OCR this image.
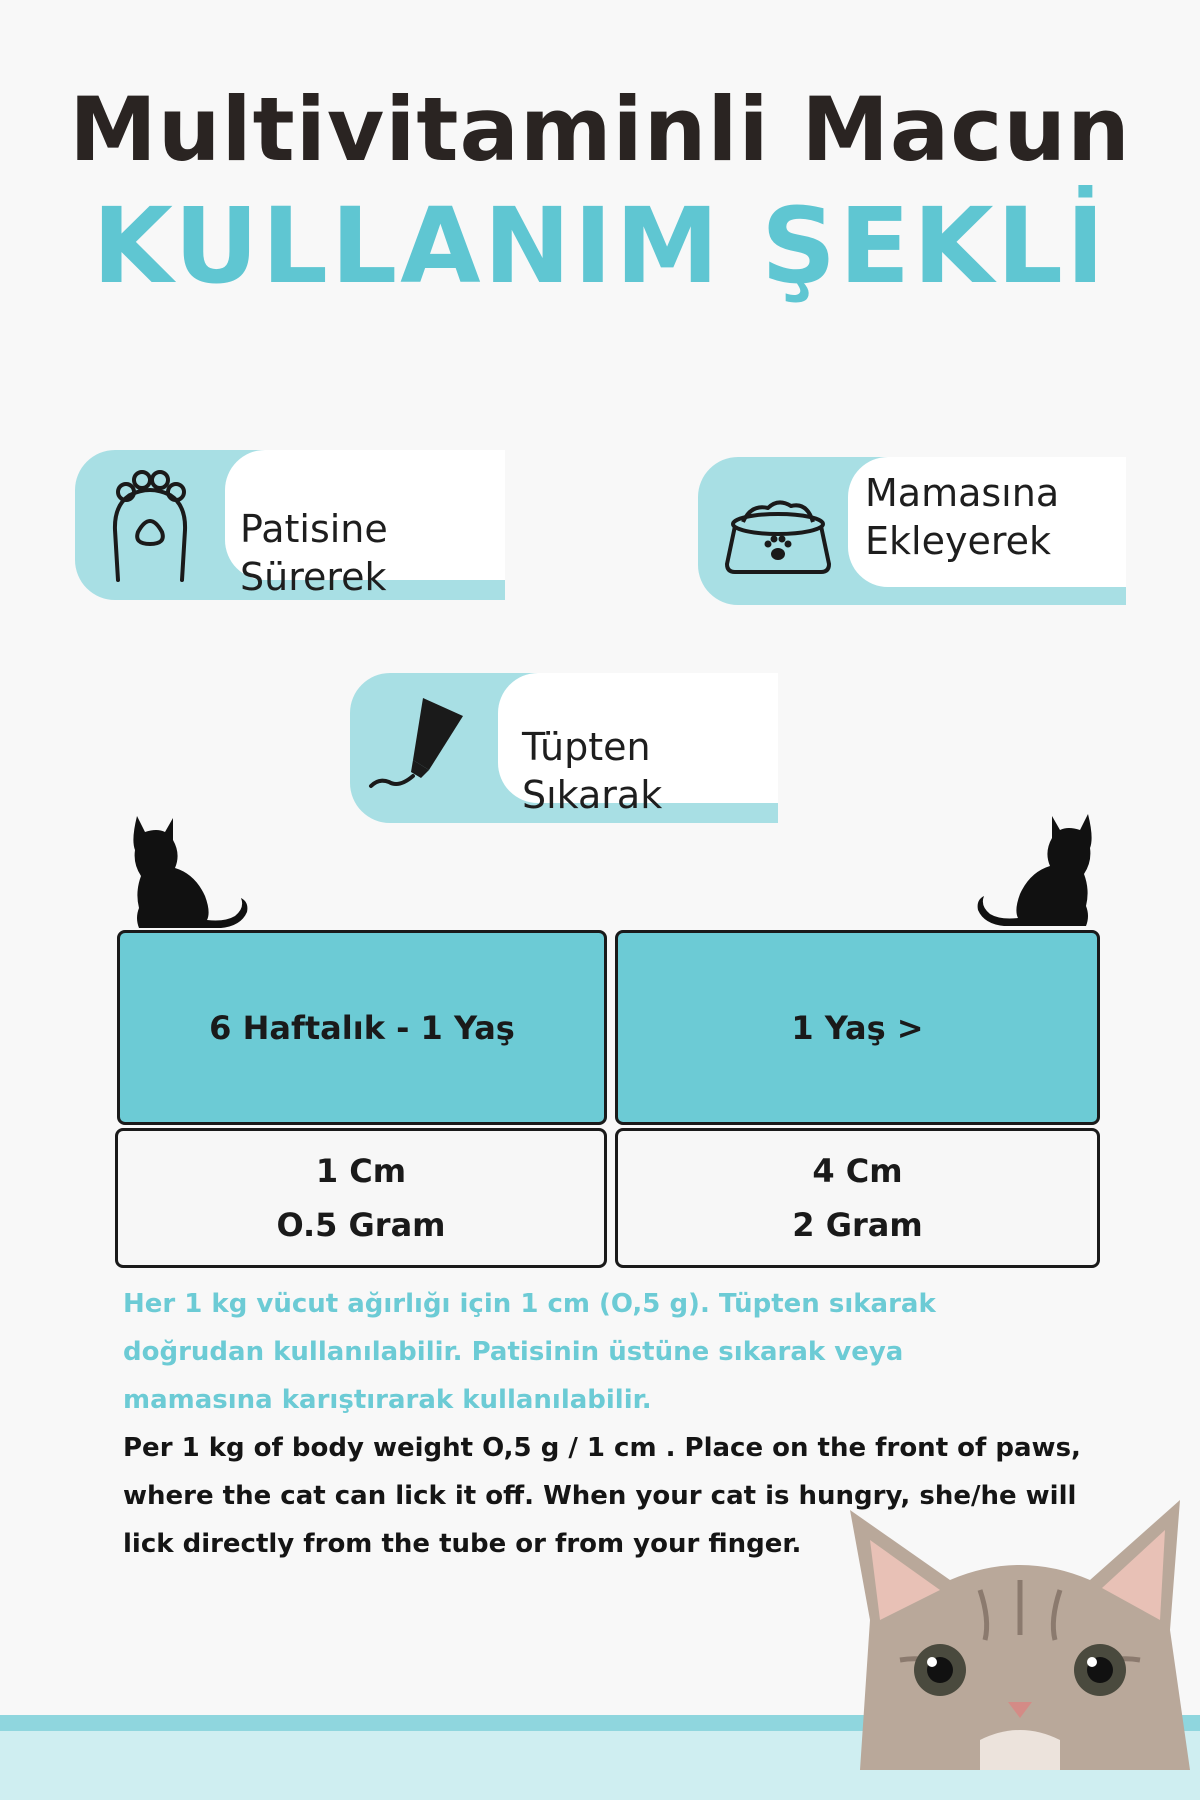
Multivitaminli Macun
KULLANIM ŞEKLİ
Patisine Sürerek
Mamasına
Ekleyerek
Tüpten Sıkarak
6 Haftalık - 1 Yaş	1 Yaş >
1 Cm
O.5 Gram
4 Cm
2 Gram
Her 1 kg vücut ağırlığı için 1 cm (O,5 g). Tüpten sıkarak doğrudan kullanılabilir. Patisinin üstüne sıkarak veya mamasına karıştırarak kullanılabilir.
Per 1 kg of body weight O,5 g / 1 cm . Place on the front of paws, where the cat can lick it off. When your cat is hungry, she/he will lick directly from the tube or from your finger.
